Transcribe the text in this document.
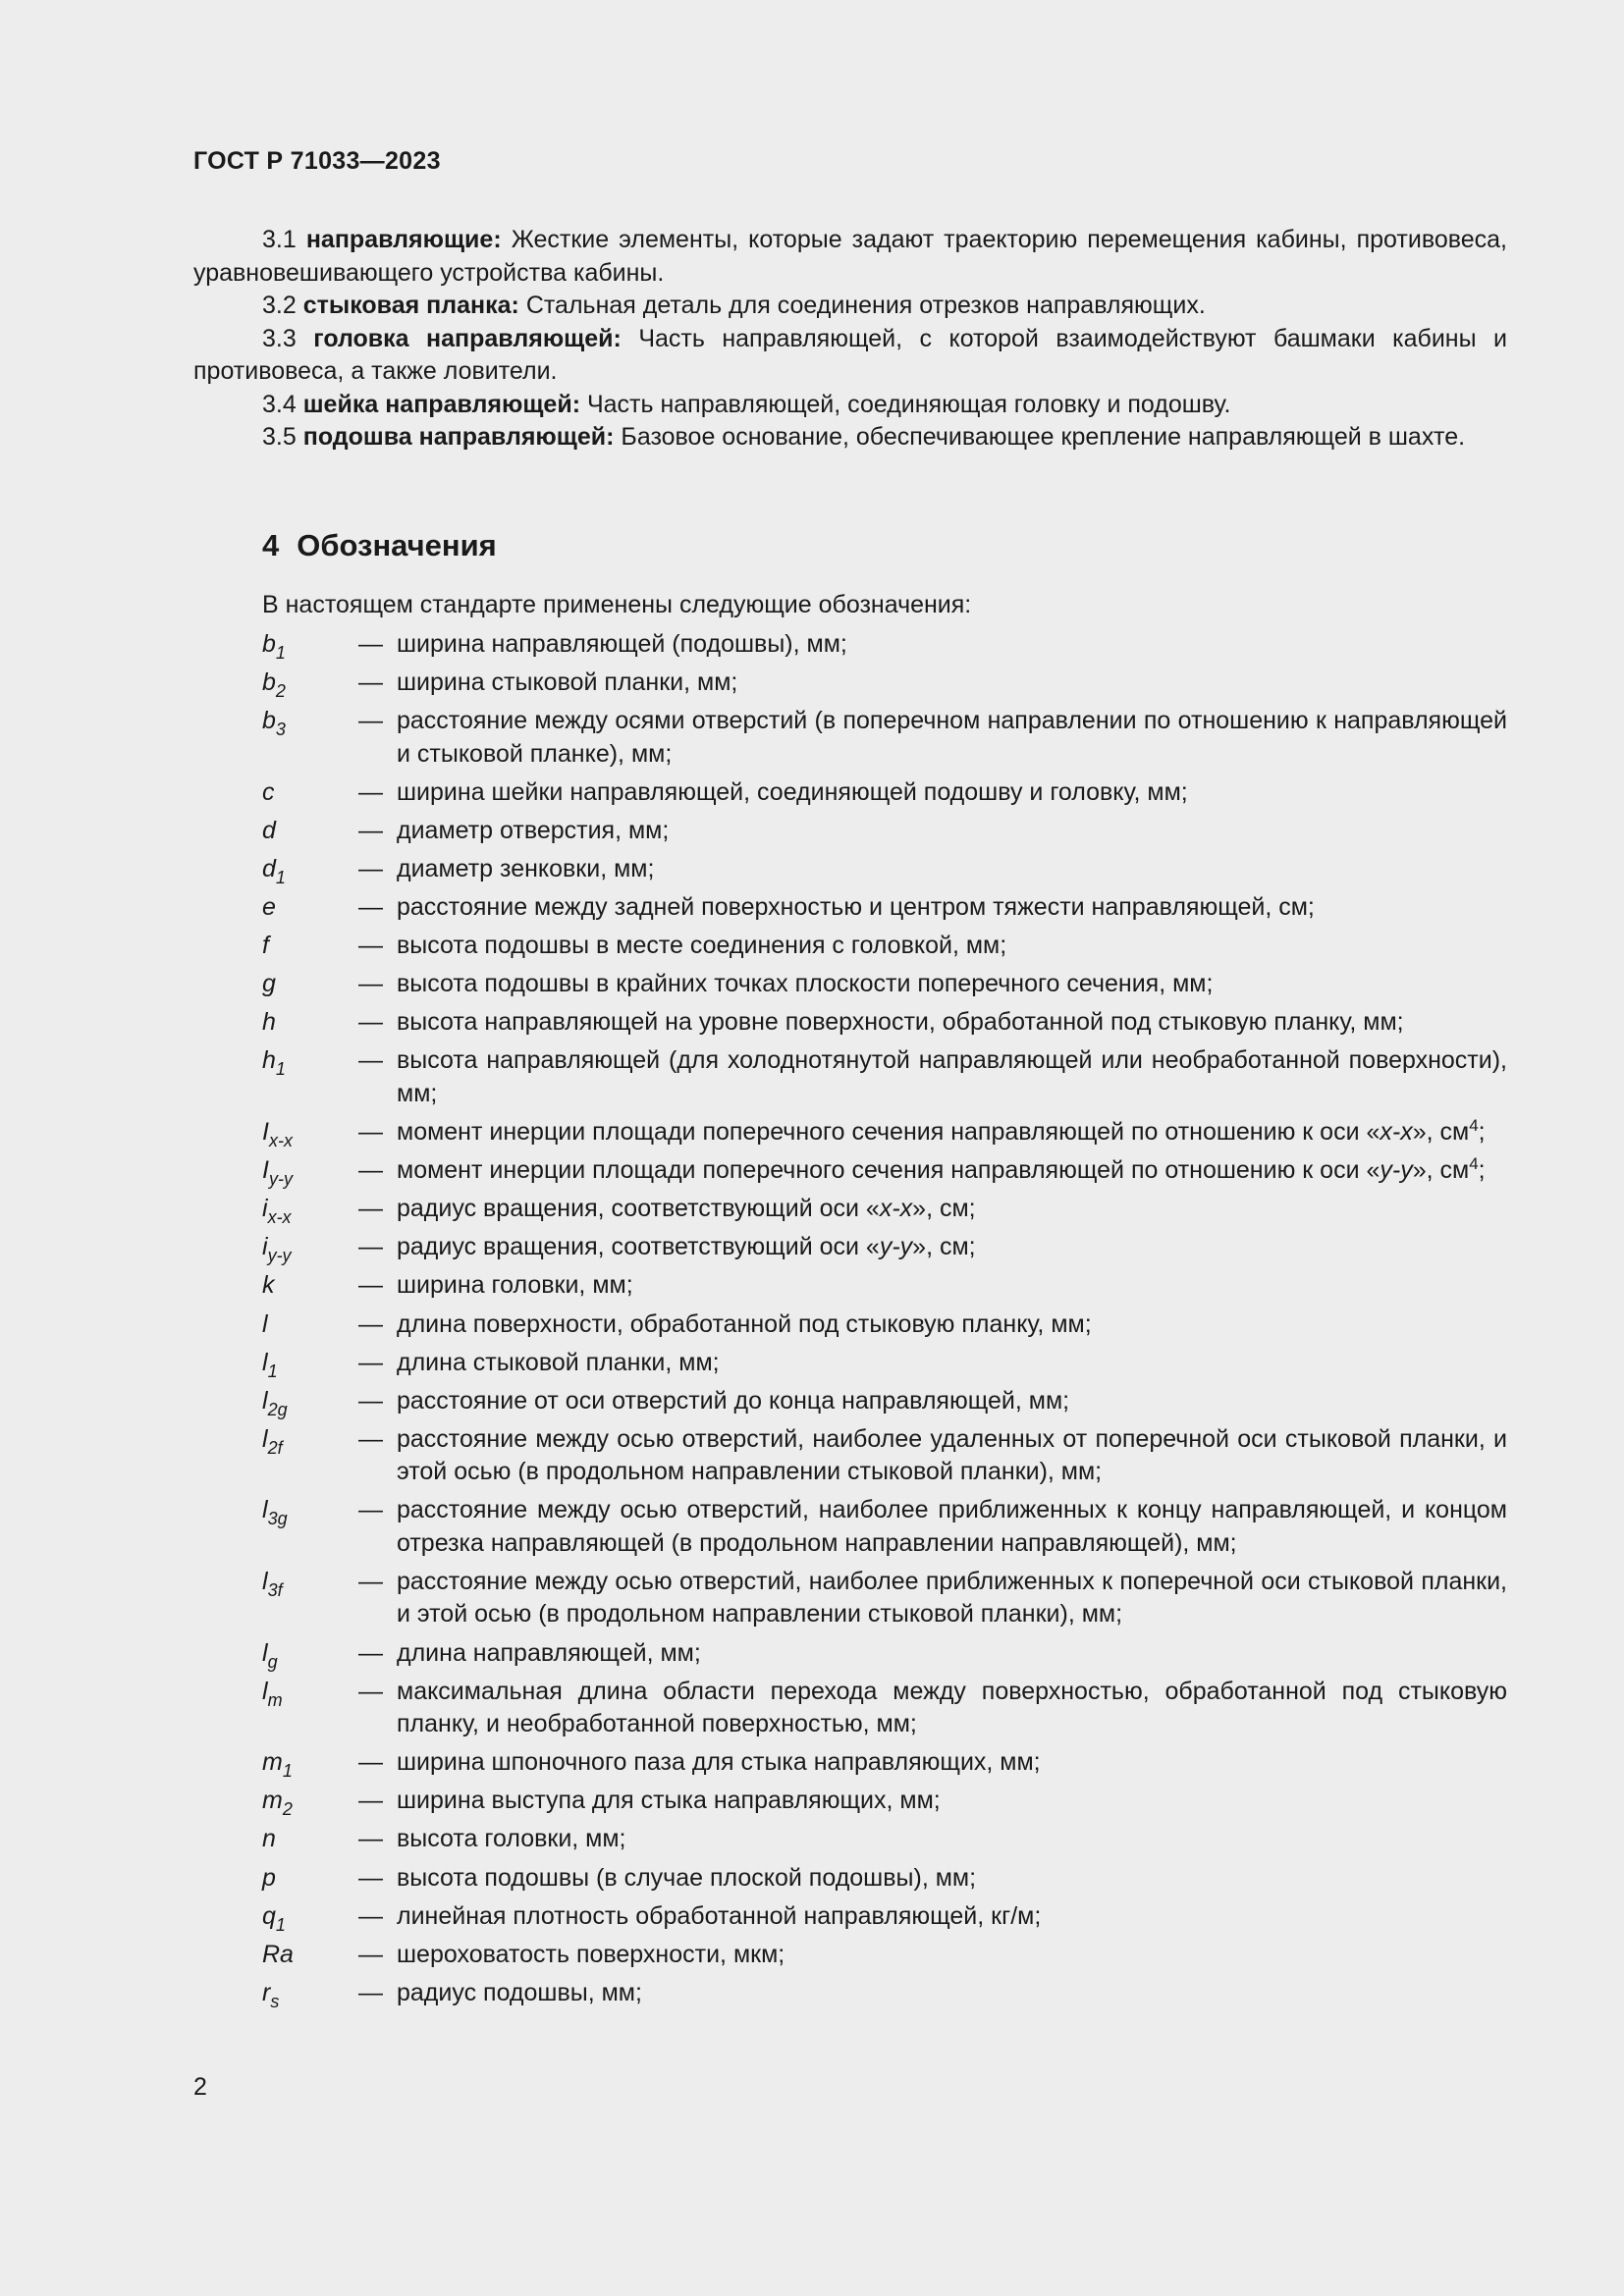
ГОСТ Р 71033—2023

3.1 направляющие: Жесткие элементы, которые задают траекторию перемещения кабины, противовеса, уравновешивающего устройства кабины.

3.2 стыковая планка: Стальная деталь для соединения отрезков направляющих.

3.3 головка направляющей: Часть направляющей, с которой взаимодействуют башмаки кабины и противовеса, а также ловители.

3.4 шейка направляющей: Часть направляющей, соединяющая головку и подошву.

3.5 подошва направляющей: Базовое основание, обеспечивающее крепление направляющей в шахте.

4 Обозначения
В настоящем стандарте применены следующие обозначения:
$b_1$	— ширина направляющей (подошвы), мм;
$b_2$	— ширина стыковой планки, мм;
$b_3$	— расстояние между осями отверстий (в поперечном направлении по отношению к направляющей и стыковой планке), мм;
c	— ширина шейки направляющей, соединяющей подошву и головку, мм;
d	— диаметр отверстия, мм;
$d_1$	— диаметр зенковки, мм;
e	— расстояние между задней поверхностью и центром тяжести направляющей, см;
f	— высота подошвы в месте соединения с головкой, мм;
g	— высота подошвы в крайних точках плоскости поперечного сечения, мм;
h	— высота направляющей на уровне поверхности, обработанной под стыковую планку, мм;
$h_1$	— высота направляющей (для холоднотянутой направляющей или необработанной поверхности), мм;
$I_{x-x}$	— момент инерции площади поперечного сечения направляющей по отношению к оси «x-x», $см^4$;
$I_{y-y}$	— момент инерции площади поперечного сечения направляющей по отношению к оси «y-y», $см^4$;
$i_{x-x}$	— радиус вращения, соответствующий оси «x-x», см;
$i_{y-y}$	— радиус вращения, соответствующий оси «y-y», см;
k	— ширина головки, мм;
l	— длина поверхности, обработанной под стыковую планку, мм;
$l_1$	— длина стыковой планки, мм;
$l_{2g}$	— расстояние от оси отверстий до конца направляющей, мм;
$l_{2f}$	— расстояние между осью отверстий, наиболее удаленных от поперечной оси стыковой планки, и этой осью (в продольном направлении стыковой планки), мм;
$l_{3g}$	— расстояние между осью отверстий, наиболее приближенных к концу направляющей, и концом отрезка направляющей (в продольном направлении направляющей), мм;
$l_{3f}$	— расстояние между осью отверстий, наиболее приближенных к поперечной оси стыковой планки, и этой осью (в продольном направлении стыковой планки), мм;
$l_g$	— длина направляющей, мм;
$l_m$	— максимальная длина области перехода между поверхностью, обработанной под стыковую планку, и необработанной поверхностью, мм;
$m_1$	— ширина шпоночного паза для стыка направляющих, мм;
$m_2$	— ширина выступа для стыка направляющих, мм;
n	— высота головки, мм;
p	— высота подошвы (в случае плоской подошвы), мм;
$q_1$	— линейная плотность обработанной направляющей, кг/м;
Ra	— шероховатость поверхности, мкм;
$r_s$	— радиус подошвы, мм;
2
